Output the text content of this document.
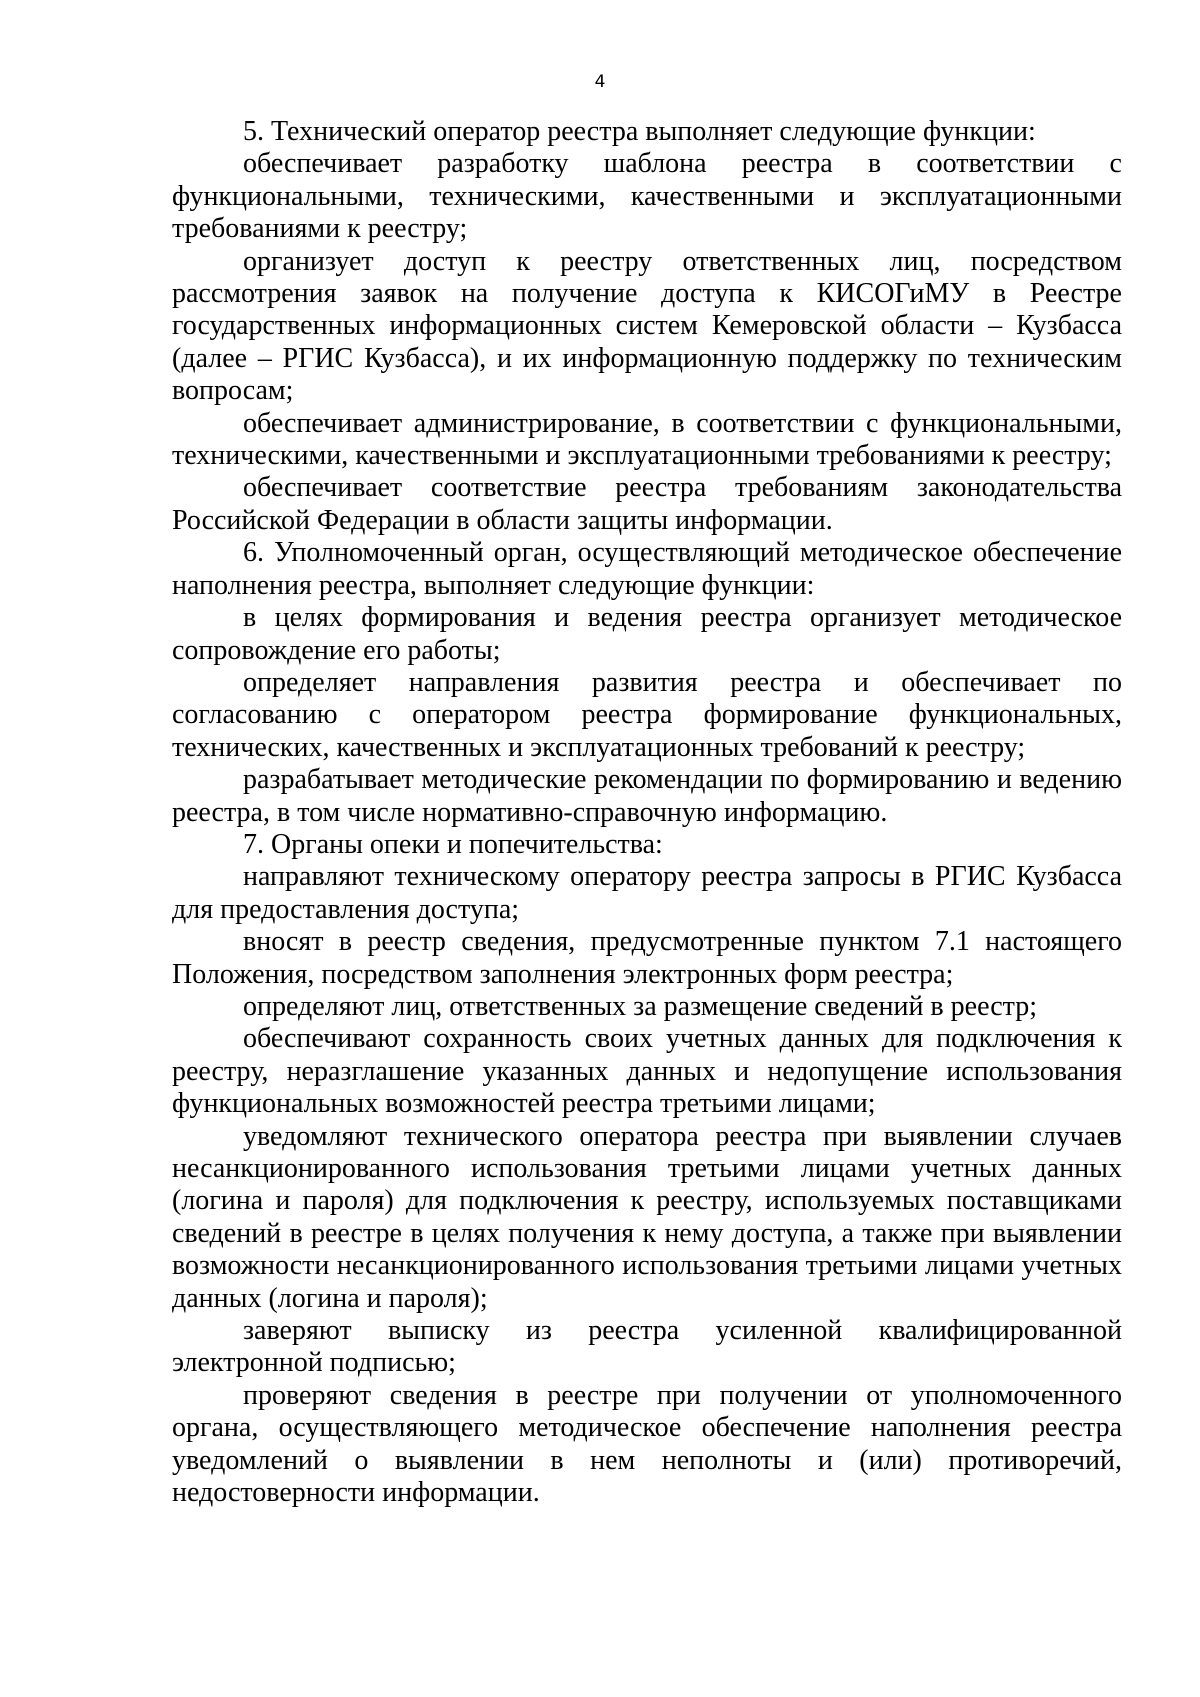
4

5. Технический оператор реестра выполняет следующие функции:

обеспечивает разработку шаблона реестра в соответствии с функциональными, техническими, качественными и эксплуатационными требованиями к реестру;

организует доступ к реестру ответственных лиц, посредством рассмотрения заявок на получение доступа к КИСОГиМУ в Реестре государственных информационных систем Кемеровской области – Кузбасса (далее – РГИС Кузбасса), и их информационную поддержку по техническим вопросам;

обеспечивает администрирование, в соответствии с функциональными, техническими, качественными и эксплуатационными требованиями к реестру;

обеспечивает соответствие реестра требованиям законодательства Российской Федерации в области защиты информации.

6. Уполномоченный орган, осуществляющий методическое обеспечение наполнения реестра, выполняет следующие функции:

в целях формирования и ведения реестра организует методическое сопровождение его работы;

определяет направления развития реестра и обеспечивает по согласованию с оператором реестра формирование функциональных, технических, качественных и эксплуатационных требований к реестру;

разрабатывает методические рекомендации по формированию и ведению реестра, в том числе нормативно-справочную информацию.

7. Органы опеки и попечительства:

направляют техническому оператору реестра запросы в РГИС Кузбасса для предоставления доступа;

вносят в реестр сведения, предусмотренные пунктом 7.1 настоящего Положения, посредством заполнения электронных форм реестра;

определяют лиц, ответственных за размещение сведений в реестр;

обеспечивают сохранность своих учетных данных для подключения к реестру, неразглашение указанных данных и недопущение использования функциональных возможностей реестра третьими лицами;

уведомляют технического оператора реестра при выявлении случаев несанкционированного использования третьими лицами учетных данных (логина и пароля) для подключения к реестру, используемых поставщиками сведений в реестре в целях получения к нему доступа, а также при выявлении возможности несанкционированного использования третьими лицами учетных данных (логина и пароля);

заверяют выписку из реестра усиленной квалифицированной электронной подписью;

проверяют сведения в реестре при получении от уполномоченного органа, осуществляющего методическое обеспечение наполнения реестра уведомлений о выявлении в нем неполноты и (или) противоречий, недостоверности информации.
